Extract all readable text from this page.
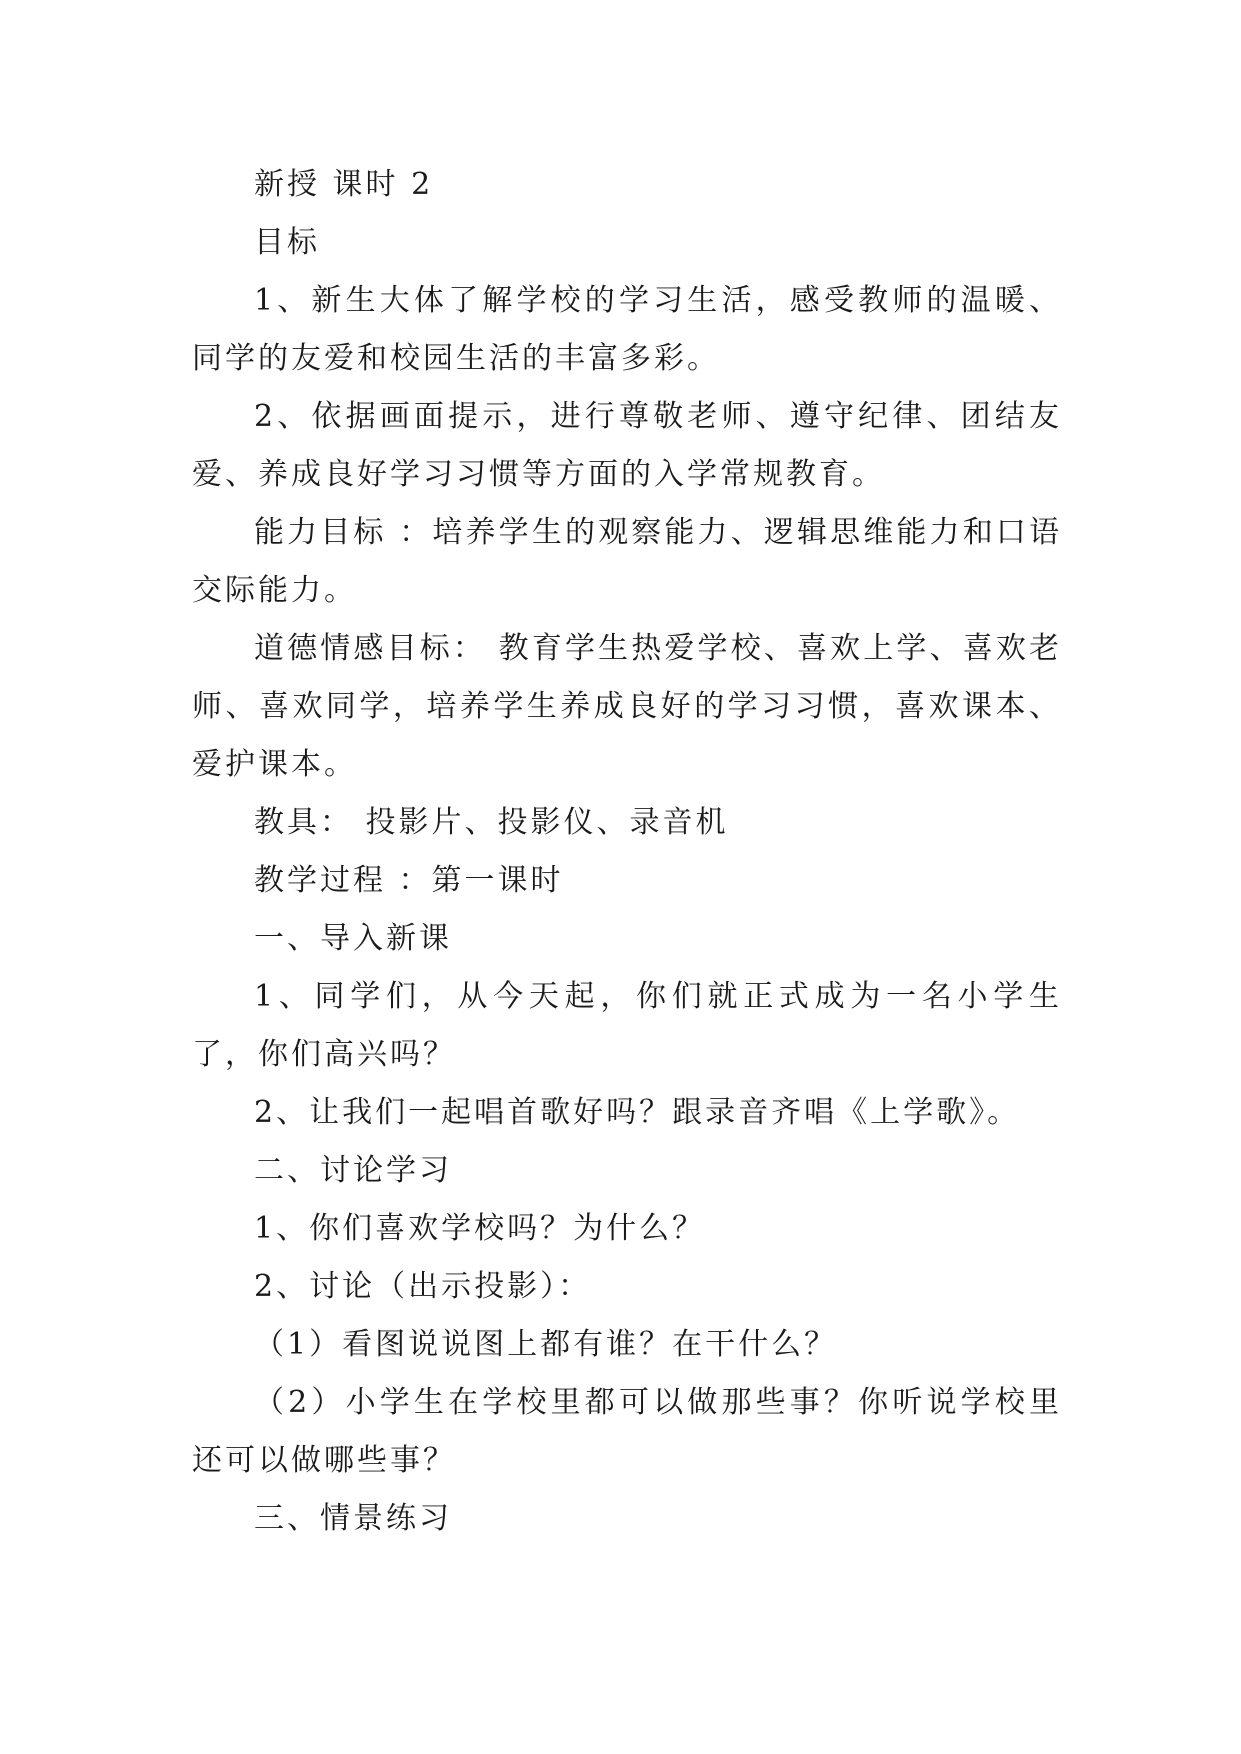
新授 课时 2

目标

1、新生大体了解学校的学习生活，感受教师的温暖、同学的友爱和校园生活的丰富多彩。

2、依据画面提示，进行尊敬老师、遵守纪律、团结友爱、养成良好学习习惯等方面的入学常规教育。

能力目标 ：培养学生的观察能力、逻辑思维能力和口语交际能力。

道德情感目标： 教育学生热爱学校、喜欢上学、喜欢老师、喜欢同学，培养学生养成良好的学习习惯，喜欢课本、爱护课本。

教具： 投影片、投影仪、录音机

教学过程 ：第一课时

一、导入新课

1、同学们，从今天起，你们就正式成为一名小学生了，你们高兴吗？

2、让我们一起唱首歌好吗？跟录音齐唱《上学歌》。

二、讨论学习

1、你们喜欢学校吗？为什么？

2、讨论（出示投影）：

（1）看图说说图上都有谁？在干什么？

（2）小学生在学校里都可以做那些事？你听说学校里还可以做哪些事？

三、情景练习
